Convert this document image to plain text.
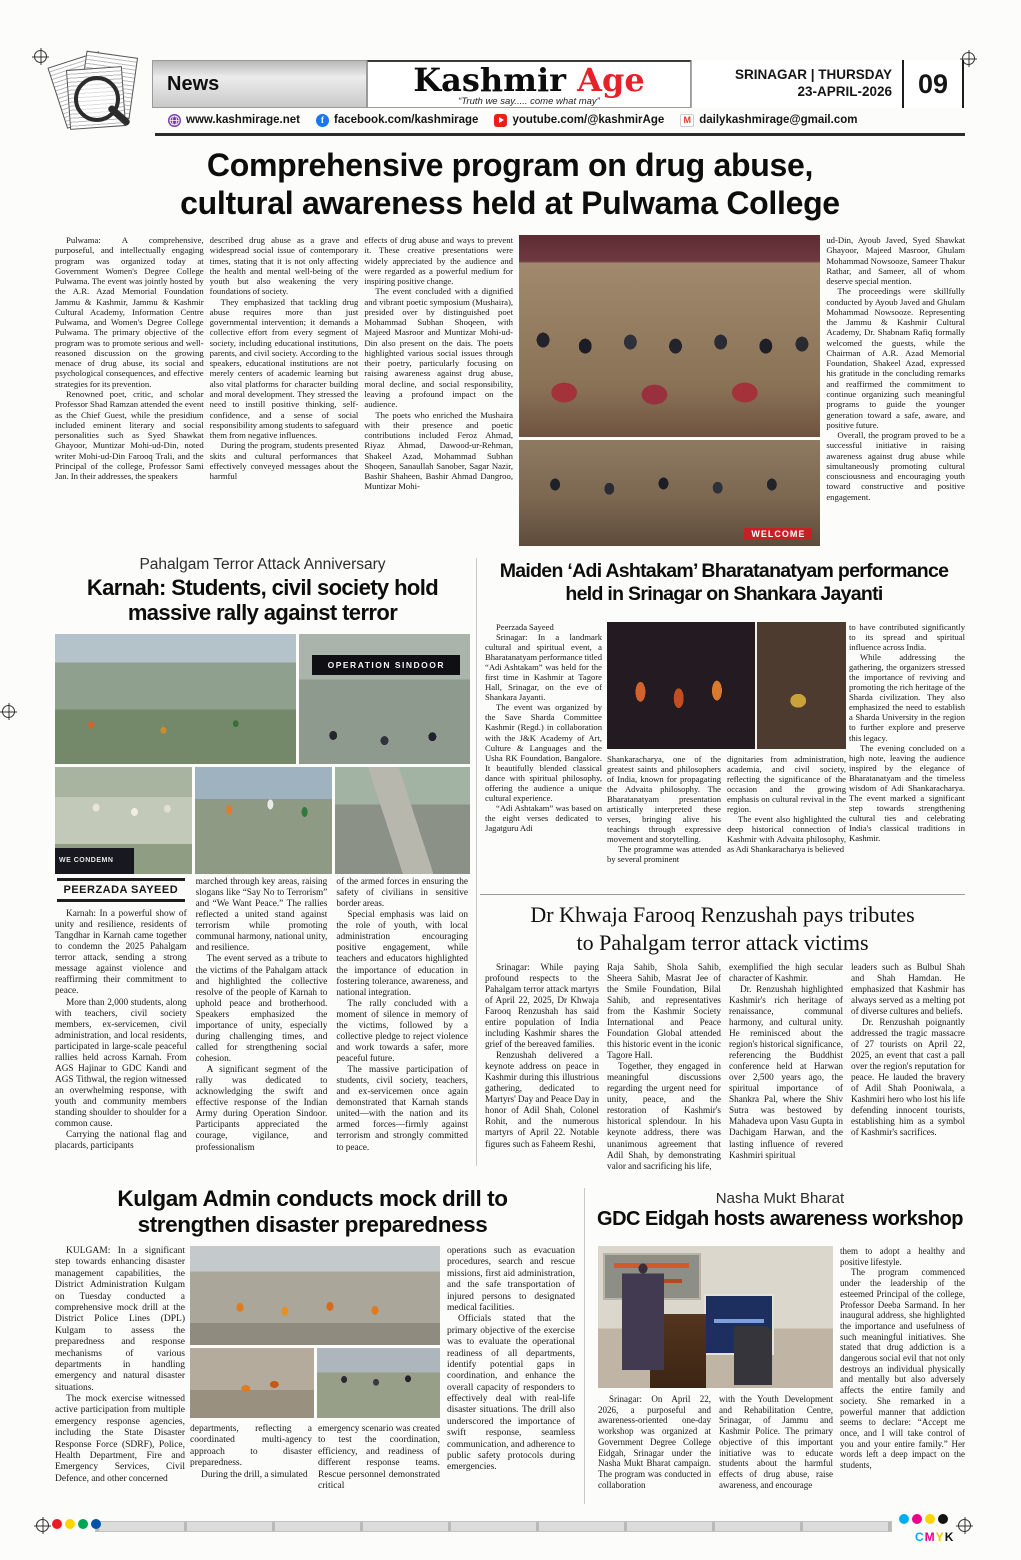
News	Kashmir Age
“Truth we say..... come what may”
SRINAGAR | THURSDAY
23-APRIL-2026 09
www.kashmirage.net	f facebook.com/kashmirage	youtube.com/@kashmirAge	M dailykashmirage@gmail.com

Comprehensive program on drug abuse,

cultural awareness held at Pulwama College

Pulwama: A comprehensive, purposeful, and intellectually engaging program was organized today at Government Women's Degree College Pulwama. The event was jointly hosted by the A.R. Azad Memorial Foundation Jammu & Kashmir, Jammu & Kashmir Cultural Academy, Information Centre Pulwama, and Women's Degree College Pulwama. The primary objective of the program was to promote serious and well-reasoned discussion on the growing menace of drug abuse, its social and psychological consequences, and effective strategies for its prevention.

Renowned poet, critic, and scholar Professor Shad Ramzan attended the event as the Chief Guest, while the presidium included eminent literary and social personalities such as Syed Shawkat Ghayoor, Muntizar Mohi-ud-Din, noted writer Mohi-ud-Din Farooq Trali, and the Principal of the college, Professor Sami Jan. In their addresses, the speakers

described drug abuse as a grave and widespread social issue of contemporary times, stating that it is not only affecting the health and mental well-being of the youth but also weakening the very foundations of society.

They emphasized that tackling drug abuse requires more than just governmental intervention; it demands a collective effort from every segment of society, including educational institutions, parents, and civil society. According to the speakers, educational institutions are not merely centers of academic learning but also vital platforms for character building and moral development. They stressed the need to instill positive thinking, self-confidence, and a sense of social responsibility among students to safeguard them from negative influences.

During the program, students presented skits and cultural performances that effectively conveyed messages about the harmful

effects of drug abuse and ways to prevent it. These creative presentations were widely appreciated by the audience and were regarded as a powerful medium for inspiring positive change.

The event concluded with a dignified and vibrant poetic symposium (Mushaira), presided over by distinguished poet Mohammad Subhan Shoqeen, with Majeed Masroor and Muntizar Mohi-ud-Din also present on the dais. The poets highlighted various social issues through their poetry, particularly focusing on raising awareness against drug abuse, moral decline, and social responsibility, leaving a profound impact on the audience.

The poets who enriched the Mushaira with their presence and poetic contributions included Feroz Ahmad, Riyaz Ahmad, Dawood-ur-Rehman, Shakeel Azad, Mohammad Subhan Shoqeen, Sanaullah Sanober, Sagar Nazir, Bashir Shaheen, Bashir Ahmad Dangroo, Muntizar Mohi-

WELCOME

ud-Din, Ayoub Javed, Syed Shawkat Ghayoor, Majeed Masroor, Ghulam Mohammad Nowsooze, Sameer Thakur Rathar, and Sameer, all of whom deserve special mention.

The proceedings were skillfully conducted by Ayoub Javed and Ghulam Mohammad Nowsooze. Representing the Jammu & Kashmir Cultural Academy, Dr. Shabnam Rafiq formally welcomed the guests, while the Chairman of A.R. Azad Memorial Foundation, Shakeel Azad, expressed his gratitude in the concluding remarks and reaffirmed the commitment to continue organizing such meaningful programs to guide the younger generation toward a safe, aware, and positive future.

Overall, the program proved to be a successful initiative in raising awareness against drug abuse while simultaneously promoting cultural consciousness and encouraging youth toward constructive and positive engagement.

Pahalgam Terror Attack Anniversary

Karnah: Students, civil society hold

massive rally against terror

OPERATION SINDOOR
WE CONDEMN
PEERZADA SAYEED

Karnah: In a powerful show of unity and resilience, residents of Tangdhar in Karnah came together to condemn the 2025 Pahalgam terror attack, sending a strong message against violence and reaffirming their commitment to peace.

More than 2,000 students, along with teachers, civil society members, ex-servicemen, civil administration, and local residents, participated in large-scale peaceful rallies held across Karnah. From AGS Hajinar to GDC Kandi and AGS Tithwal, the region witnessed an overwhelming response, with youth and community members standing shoulder to shoulder for a common cause.

Carrying the national flag and placards, participants

marched through key areas, raising slogans like “Say No to Terrorism” and “We Want Peace.” The rallies reflected a united stand against terrorism while promoting communal harmony, national unity, and resilience.

The event served as a tribute to the victims of the Pahalgam attack and highlighted the collective resolve of the people of Karnah to uphold peace and brotherhood. Speakers emphasized the importance of unity, especially during challenging times, and called for strengthening social cohesion.

A significant segment of the rally was dedicated to acknowledging the swift and effective response of the Indian Army during Operation Sindoor. Participants appreciated the courage, vigilance, and professionalism

of the armed forces in ensuring the safety of civilians in sensitive border areas.

Special emphasis was laid on the role of youth, with local administration encouraging positive engagement, while teachers and educators highlighted the importance of education in fostering tolerance, awareness, and national integration.

The rally concluded with a moment of silence in memory of the victims, followed by a collective pledge to reject violence and work towards a safer, more peaceful future.

The massive participation of students, civil society, teachers, and ex-servicemen once again demonstrated that Karnah stands united—with the nation and its armed forces—firmly against terrorism and strongly committed to peace.

Maiden ‘Adi Ashtakam’ Bharatanatyam performance

held in Srinagar on Shankara Jayanti

Peerzada Sayeed

Srinagar: In a landmark cultural and spiritual event, a Bharatanatyam performance titled “Adi Ashtakam” was held for the first time in Kashmir at Tagore Hall, Srinagar, on the eve of Shankara Jayanti.

The event was organized by the Save Sharda Committee Kashmir (Regd.) in collaboration with the J&K Academy of Art, Culture & Languages and the Usha RK Foundation, Bangalore. It beautifully blended classical dance with spiritual philosophy, offering the audience a unique cultural experience.

“Adi Ashtakam” was based on the eight verses dedicated to Jagatguru Adi

Shankaracharya, one of the greatest saints and philosophers of India, known for propagating the Advaita philosophy. The Bharatanatyam presentation artistically interpreted these verses, bringing alive his teachings through expressive movement and storytelling.

The programme was attended by several prominent

dignitaries from administration, academia, and civil society, reflecting the significance of the occasion and the growing emphasis on cultural revival in the region.

The event also highlighted the deep historical connection of Kashmir with Advaita philosophy, as Adi Shankaracharya is believed

to have contributed significantly to its spread and spiritual influence across India.

While addressing the gathering, the organizers stressed the importance of reviving and promoting the rich heritage of the Sharda civilization. They also emphasized the need to establish a Sharda University in the region to further explore and preserve this legacy.

The evening concluded on a high note, leaving the audience inspired by the elegance of Bharatanatyam and the timeless wisdom of Adi Shankaracharya. The event marked a significant step towards strengthening cultural ties and celebrating India's classical traditions in Kashmir.

Dr Khwaja Farooq Renzushah pays tributes

to Pahalgam terror attack victims

Srinagar: While paying profound respects to the Pahalgam terror attack martyrs of April 22, 2025, Dr Khwaja Farooq Renzushah has said entire population of India including Kashmir shares the grief of the bereaved families.

Renzushah delivered a keynote address on peace in Kashmir during this illustrious gathering, dedicated to Martyrs' Day and Peace Day in honor of Adil Shah, Colonel Rohit, and the numerous martyrs of April 22. Notable figures such as Faheem Reshi,

Raja Sahib, Shola Sahib, Sheera Sahib, Masrat Jee of the Smile Foundation, Bilal Sahib, and representatives from the Kashmir Society International and Peace Foundation Global attended this historic event in the iconic Tagore Hall.

Together, they engaged in meaningful discussions regarding the urgent need for unity, peace, and the restoration of Kashmir's historical splendour. In his keynote address, there was unanimous agreement that Adil Shah, by demonstrating valor and sacrificing his life,

exemplified the high secular character of Kashmir.

Dr. Renzushah highlighted Kashmir's rich heritage of renaissance, communal harmony, and cultural unity. He reminisced about the region's historical significance, referencing the Buddhist conference held at Harwan over 2,500 years ago, the spiritual importance of Shankra Pal, where the Shiv Sutra was bestowed by Mahadeva upon Vasu Gupta in Dachigam Harwan, and the lasting influence of revered Kashmiri spiritual

leaders such as Bulbul Shah and Shah Hamdan. He emphasized that Kashmir has always served as a melting pot of diverse cultures and beliefs.

Dr. Renzushah poignantly addressed the tragic massacre of 27 tourists on April 22, 2025, an event that cast a pall over the region's reputation for peace. He lauded the bravery of Adil Shah Pooniwala, a Kashmiri hero who lost his life defending innocent tourists, establishing him as a symbol of Kashmir's sacrifices.

Kulgam Admin conducts mock drill to

strengthen disaster preparedness

KULGAM: In a significant step towards enhancing disaster management capabilities, the District Administration Kulgam on Tuesday conducted a comprehensive mock drill at the District Police Lines (DPL) Kulgam to assess the preparedness and response mechanisms of various departments in handling emergency and natural disaster situations.

The mock exercise witnessed active participation from multiple emergency response agencies, including the State Disaster Response Force (SDRF), Police, Health Department, Fire and Emergency Services, Civil Defence, and other concerned

departments, reflecting a coordinated multi-agency approach to disaster preparedness.

During the drill, a simulated

emergency scenario was created to test the coordination, efficiency, and readiness of different response teams. Rescue personnel demonstrated critical

operations such as evacuation procedures, search and rescue missions, first aid administration, and the safe transportation of injured persons to designated medical facilities.

Officials stated that the primary objective of the exercise was to evaluate the operational readiness of all departments, identify potential gaps in coordination, and enhance the overall capacity of responders to effectively deal with real-life disaster situations. The drill also underscored the importance of swift response, seamless communication, and adherence to public safety protocols during emergencies.

Nasha Mukt Bharat
GDC Eidgah hosts awareness workshop

Srinagar: On April 22, 2026, a purposeful and awareness-oriented one-day workshop was organized at Government Degree College Eidgah, Srinagar under the Nasha Mukt Bharat campaign. The program was conducted in collaboration

with the Youth Development and Rehabilitation Centre, Srinagar, of Jammu and Kashmir Police. The primary objective of this important initiative was to educate students about the harmful effects of drug abuse, raise awareness, and encourage

them to adopt a healthy and positive lifestyle.

The program commenced under the leadership of the esteemed Principal of the college, Professor Deeba Sarmand. In her inaugural address, she highlighted the importance and usefulness of such meaningful initiatives. She stated that drug addiction is a dangerous social evil that not only destroys an individual physically and mentally but also adversely affects the entire family and society. She remarked in a powerful manner that addiction seems to declare: “Accept me once, and I will take control of you and your entire family.” Her words left a deep impact on the students,

CMYK
